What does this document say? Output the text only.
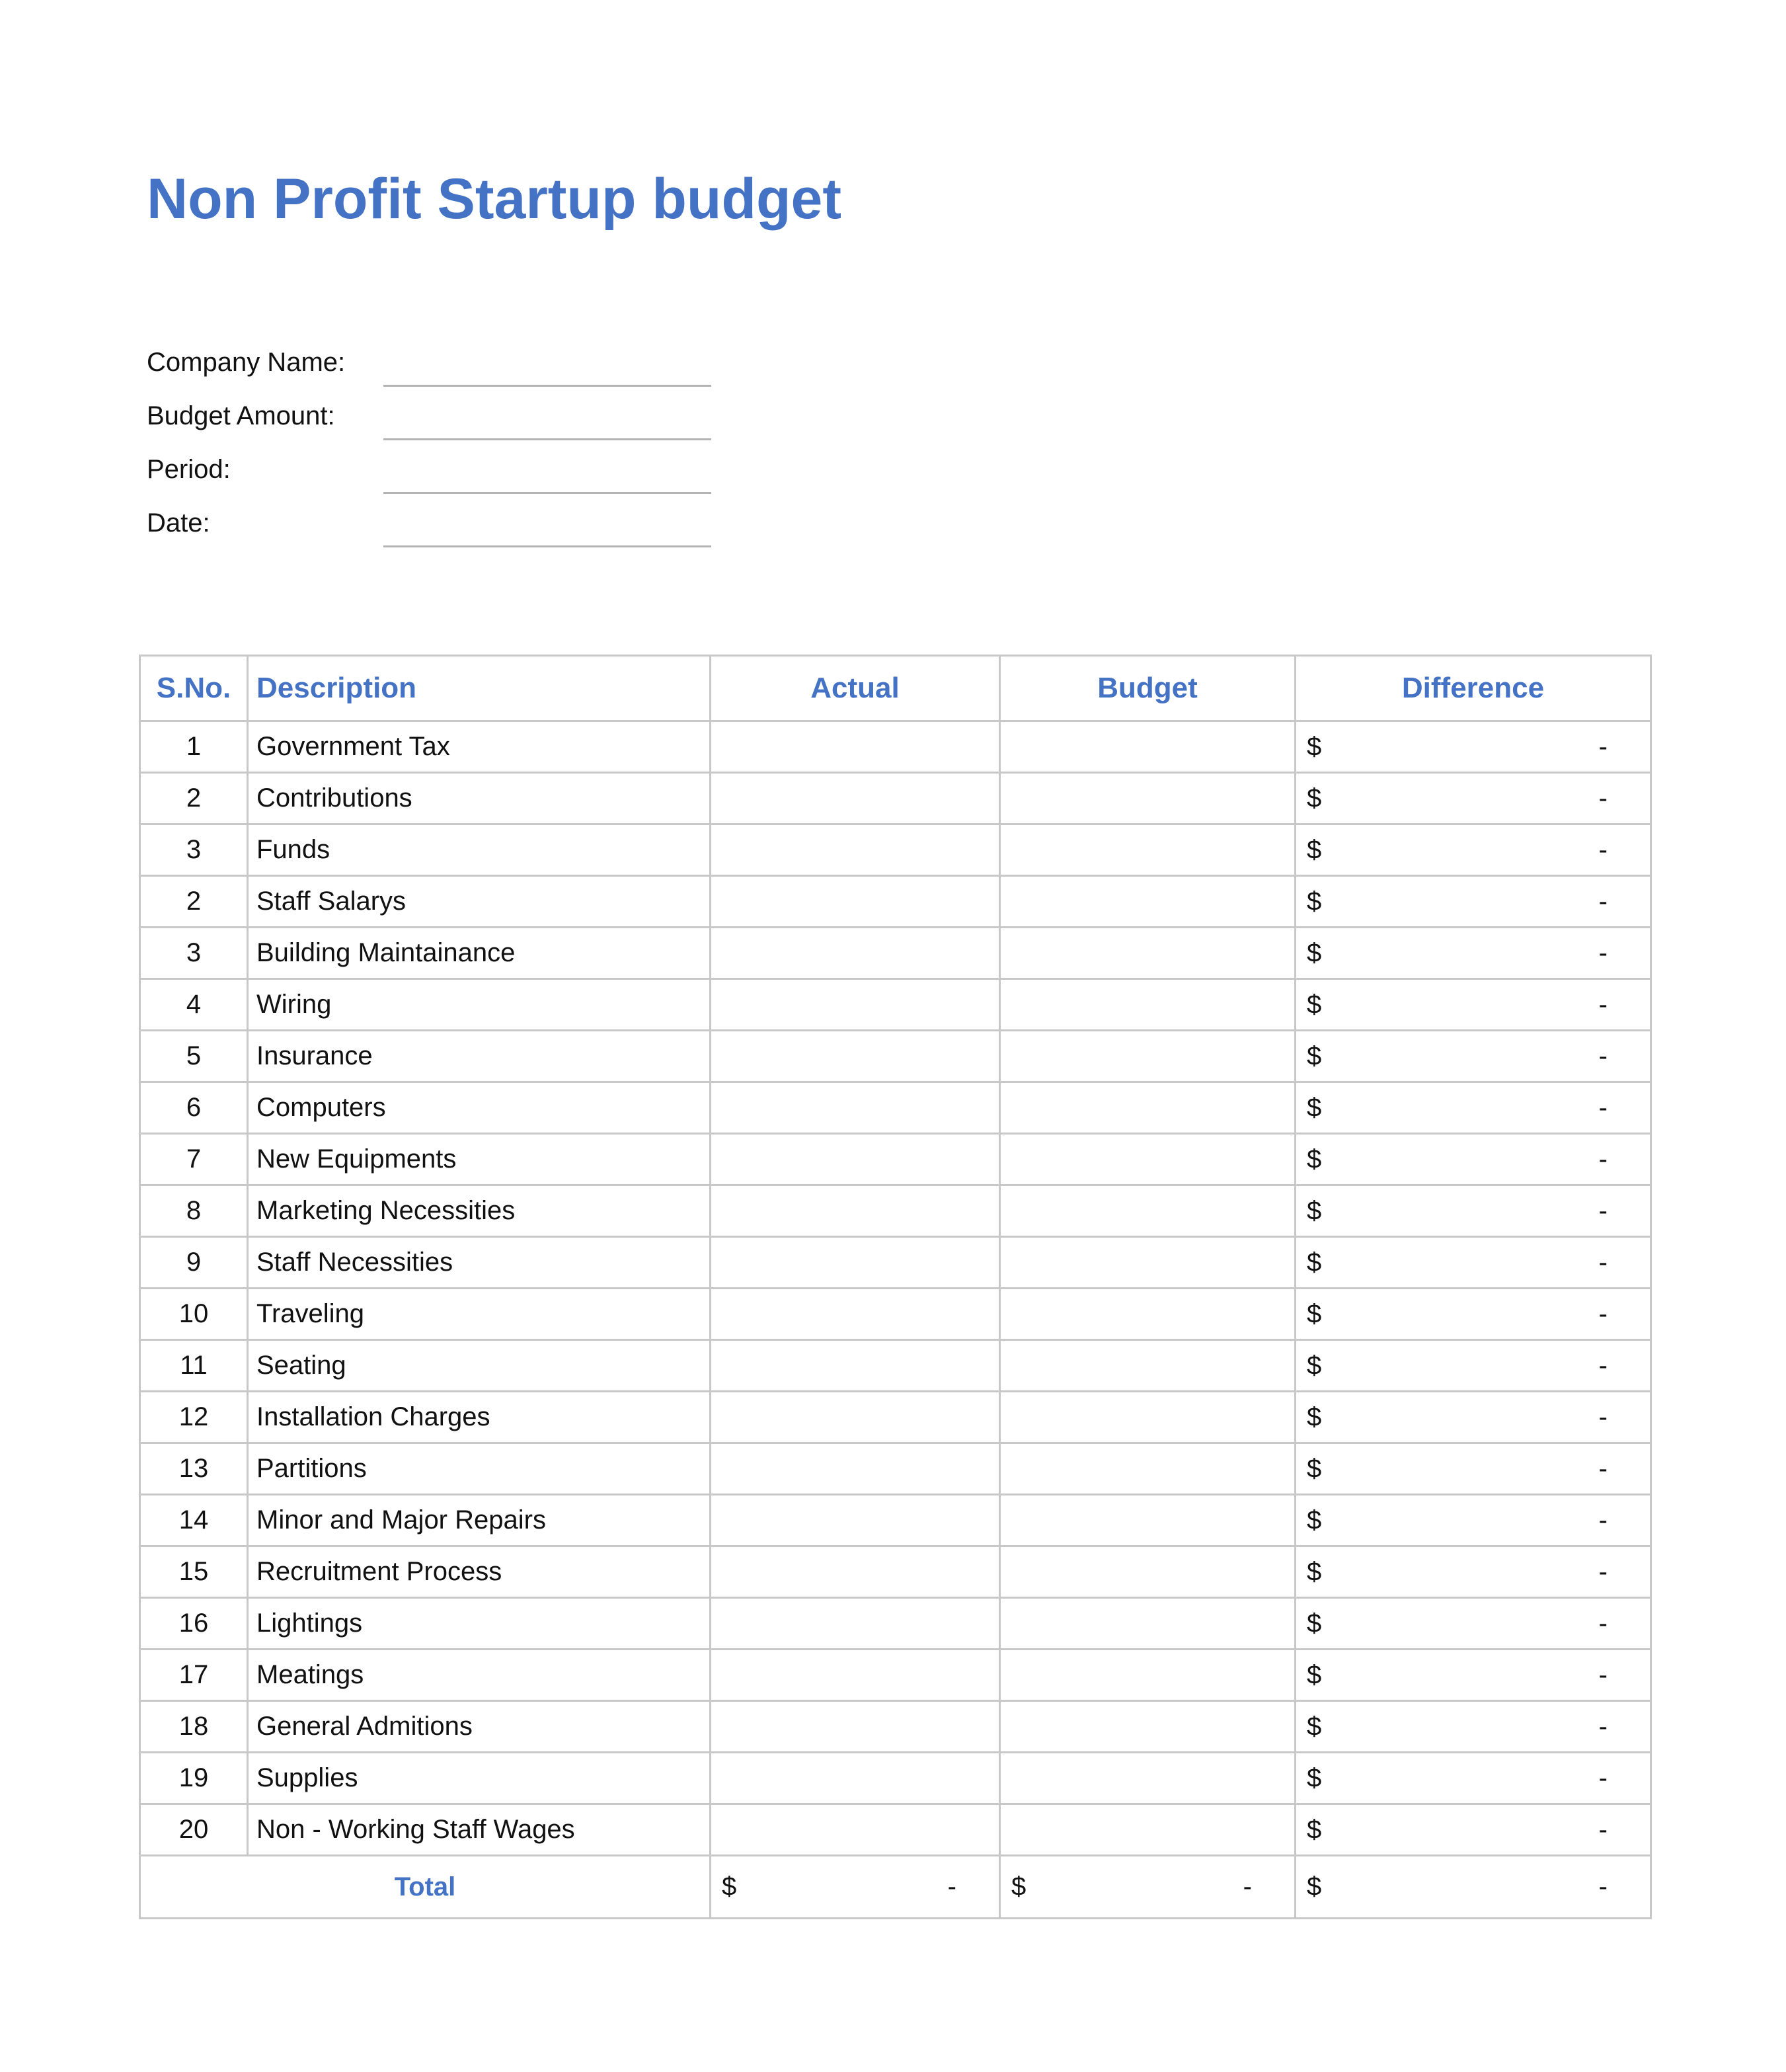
Non Profit Startup budget
Company Name:
Budget Amount:
Period:
Date:
S.No.	Description	Actual	Budget	Difference
1	Government Tax			$ -

2	Contributions			$ -

3	Funds			$ -

2	Staff Salarys			$ -

3	Building Maintainance			$ -

4	Wiring			$ -

5	Insurance			$ -

6	Computers			$ -

7	New Equipments			$ -

8	Marketing Necessities			$ -

9	Staff Necessities			$ -

10	Traveling			$ -

11	Seating			$ -

12	Installation Charges			$ -

13	Partitions			$ -

14	Minor and Major Repairs			$ -

15	Recruitment Process			$ -

16	Lightings			$ -

17	Meatings			$ -

18	General Admitions			$ -

19	Supplies			$ -

20	Non - Working Staff Wages			$ -

Total		$ -	$ -	$ -
